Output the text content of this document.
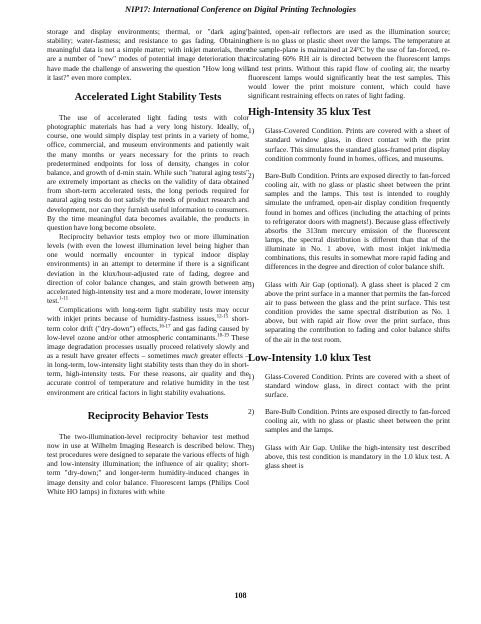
NIP17: International Conference on Digital Printing Technologies

storage and display environments; thermal, or "dark aging" stability; water-fastness; and resistance to gas fading. Obtaining meaningful data is not a simple matter; with inkjet materials, there are a number of "new" modes of potential image deterioration that have made the challenge of answering the question "How long will it last?" even more complex.

Accelerated Light Stability Tests

The use of accelerated light fading tests with color photographic materials has had a very long history. Ideally, of course, one would simply display test prints in a variety of home, office, commercial, and museum environments and patiently wait the many months or years necessary for the prints to reach predetermined endpoints for loss of density, changes in color balance, and growth of d-min stain. While such "natural aging tests" are extremely important as checks on the validity of data obtained from short-term accelerated tests, the long periods required for natural aging tests do not satisfy the needs of product research and development, nor can they furnish useful information to consumers. By the time meaningful data becomes available, the products in question have long become obsolete.

Reciprocity behavior tests employ two or more illumination levels (with even the lowest illumination level being higher than one would normally encounter in typical indoor display environments) in an attempt to determine if there is a significant deviation in the klux/hour-adjusted rate of fading, degree and direction of color balance changes, and stain growth between an accelerated high-intensity test and a more moderate, lower intensity test.$^{1-11}$

Complications with long-term light stability tests may occur with inkjet prints because of humidity-fastness issues,$^{12-15}$ short-term color drift ("dry-down") effects,$^{16-17}$ and gas fading caused by low-level ozone and/or other atmospheric contaminants.$^{18-19}$ These image degradation processes usually proceed relatively slowly and as a result have greater effects – sometimes much greater effects – in long-term, low-intensity light stability tests than they do in short-term, high-intensity tests. For these reasons, air quality and the accurate control of temperature and relative humidity in the test environment are critical factors in light stability evaluations.

Reciprocity Behavior Tests

The two-illumination-level reciprocity behavior test method now in use at Wilhelm Imaging Research is described below. The test procedures were designed to separate the various effects of high and low-intensity illumination; the influence of air quality; short-term "dry-down;" and longer-term humidity-induced changes in image density and color balance. Fluorescent lamps (Philips Cool White HO lamps) in fixtures with white

painted, open-air reflectors are used as the illumination source; there is no glass or plastic sheet over the lamps. The temperature at the sample-plane is maintained at 24°C by the use of fan-forced, re-circulating 60% RH air is directed between the fluorescent lamps and test prints. Without this rapid flow of cooling air, the nearby fluorescent lamps would significantly heat the test samples. This would lower the print moisture content, which could have significant restraining effects on rates of light fading.

High-Intensity 35 klux Test
1)	Glass-Covered Condition. Prints are covered with a sheet of standard window glass, in direct contact with the print surface. This simulates the standard glass-framed print display condition commonly found in homes, offices, and museums.
2)	Bare-Bulb Condition. Prints are exposed directly to fan-forced cooling air, with no glass or plastic sheet between the print samples and the lamps. This test is intended to roughly simulate the unframed, open-air display condition frequently found in homes and offices (including the attaching of prints to refrigerator doors with magnets!). Because glass effectively absorbs the 313nm mercury emission of the fluorescent lamps, the spectral distribution is different than that of the illuminate in No. 1 above, with most inkjet ink/media combinations, this results in somewhat more rapid fading and differences in the degree and direction of color balance shift.
3)	Glass with Air Gap (optional). A glass sheet is placed 2 cm above the print surface in a manner that permits the fan-forced air to pass between the glass and the print surface. This test condition provides the same spectral distribution as No. 1 above, but with rapid air flow over the print surface, thus separating the contribution to fading and color balance shifts of the air in the test room.
Low-Intensity 1.0 klux Test
1)	Glass-Covered Condition. Prints are covered with a sheet of standard window glass, in direct contact with the print surface.
2)	Bare-Bulb Condition. Prints are exposed directly to fan-forced cooling air, with no glass or plastic sheet between the print samples and the lamps.
3)	Glass with Air Gap. Unlike the high-intensity test described above, this test condition is mandatory in the 1.0 klux test. A glass sheet is
108
